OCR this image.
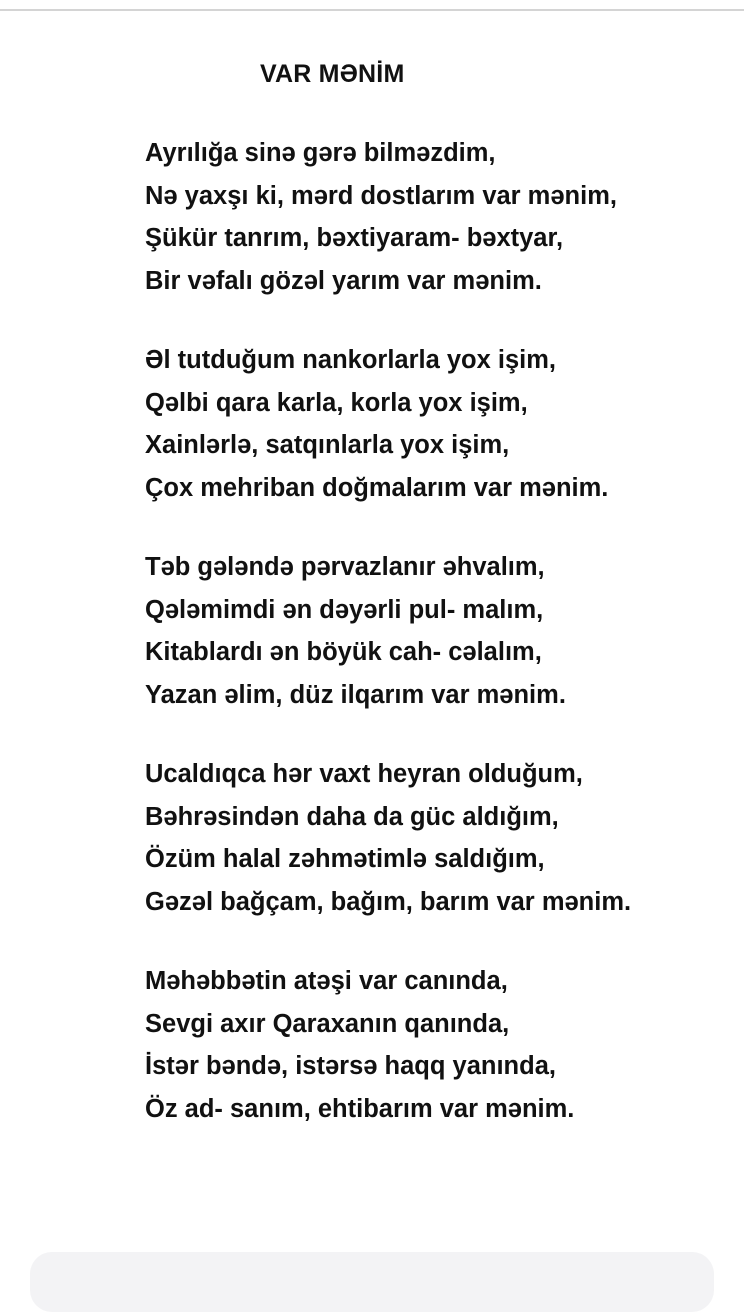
VAR MƏNİM
Ayrılığa sinə gərə bilməzdim,
Nə yaxşı ki, mərd dostlarım var mənim,
Şükür tanrım, bəxtiyaram- bəxtyar,
Bir vəfalı gözəl yarım var mənim.
Əl tutduğum nankorlarla yox işim,
Qəlbi qara karla, korla yox işim,
Xainlərlə, satqınlarla yox işim,
Çox mehriban doğmalarım var mənim.
Təb gələndə pərvazlanır əhvalım,
Qələmimdi ən dəyərli pul- malım,
Kitablardı ən böyük cah- cəlalım,
Yazan əlim, düz ilqarım var mənim.
Ucaldıqca hər vaxt heyran olduğum,
Bəhrəsindən daha da güc aldığım,
Özüm halal zəhmətimlə saldığım,
Gəzəl bağçam, bağım, barım var mənim.
Məhəbbətin atəşi var canında,
Sevgi axır Qaraxanın qanında,
İstər bəndə, istərsə haqq yanında,
Öz ad- sanım, ehtibarım var mənim.
